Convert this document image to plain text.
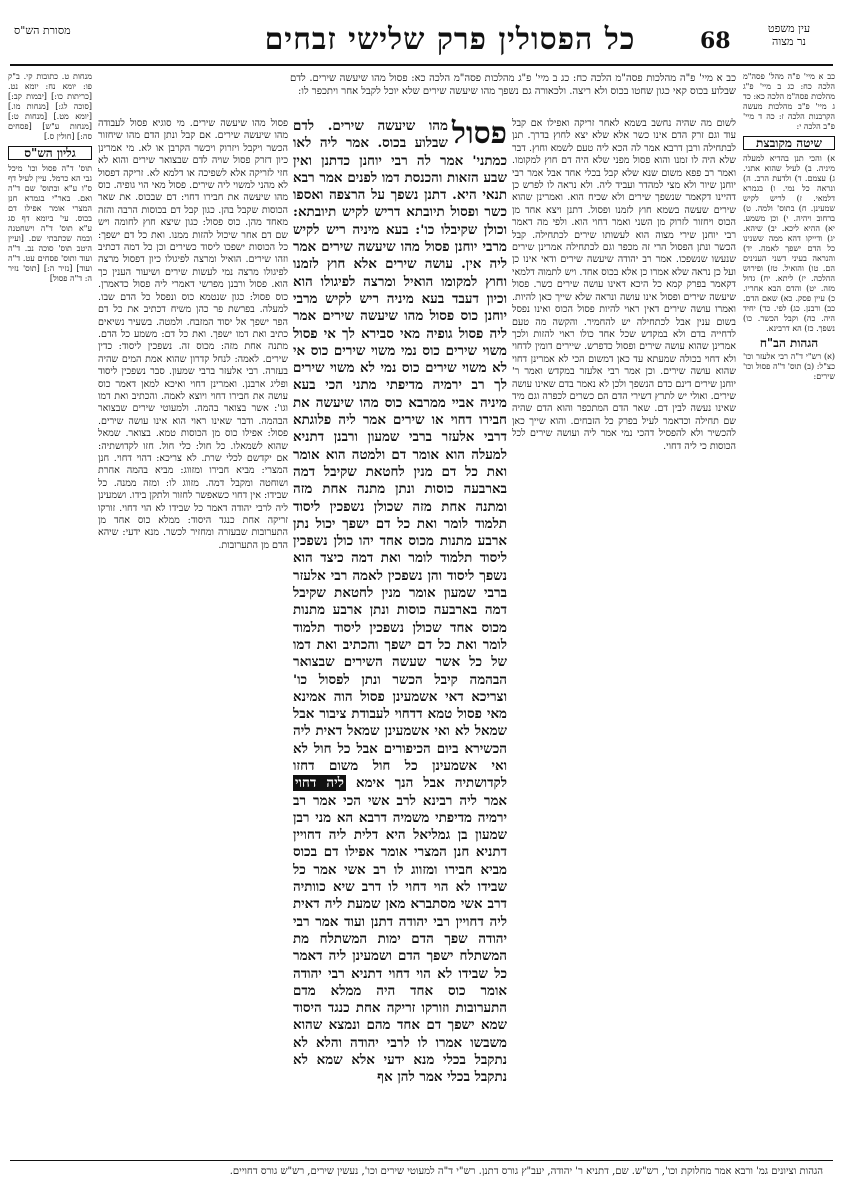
מסורת הש"ס	כל הפסולין פרק שלישי זבחים	68	עין משפט
נר מצוה
כב א מיי' פ"ה מהל' פסה"מ הלכה כח: כג ב מיי' פ"ג מהלכות פסה"מ הלכה כא: כד ג מיי' פ"ב מהלכות מעשה הקרבנות הלכה ז: כה ד מיי' פ"ב הלכה י:
שיטה מקובצת
א) והכי תנן בהדיא למעלה מיניה. ב) לעיל שהוא אתני. ג) עצמם. ד) ולדעת הרב. ה) ונראה כל נמי. ו) בגמרא דלמאי. ז) לריש לקיש שמעינן. ח) בתוס' ולמה. ט) ברחוב ויהיה. י) וכן משמע. יא) ההיא ליכא. יב) שיהא. יג) ודייקו דהא ממה ששנינו כל הדם ישפך לאמה. יד) והנראה בעיני דשני הענינים הם. טו) והואיל. טז) ופירוש ההלכה. יז) ליתא. יח) גדול מזה. יט) והדם הבא אחריו. כ) עיין פסק. כא) שאם הדם. כב) ורבנן. כג) לפי. כד) יחיד היה. כה) וקבל הכשר. כו) נשפך. כז) הא דרבינא.
הגהות הב"ח
(א) רש"י ד"ה רבי אלעזר וכו' כצ"ל: (ב) תוס' ד"ה פסול וכו' שירים:
כב א מיי' פ"ה מהלכות פסה"מ הלכה כח: כג ב מיי' פ"ג מהלכות פסה"מ הלכה כא: פסול מהו שיעשה שירים. לדם שבלוע בכוס קאי כגון שחטו בכוס ולא ריצה. ולכאורה גם נשפך מהו שיעשה שירים שלא יוכל לקבל אחר ויתכפר לו:
לשום מה שהיה נחשב בשמא לאחר זריקה ואפילו אם קבל עוד וגם זרק הדם אינו כשר אלא שלא יצא לחוץ בדרך. תנן לבתחילה ורבן דרבא אמר לה הכא ליה טעם לשמא וחוץ. דבר שלא היה לו זמנו והוא פסול מפני שלא היה דם חוץ למקומו. ואמר רב פפא משום שנא שלא קבל בכלי אחד אבל אמר רבי יוחנן שיור ולא מצי למהדר ועביד ליה. ולא נראה לו לפרש כן דהיינו דקאמר שנשפך שירים ולא שכיח הוא. ואמרינן שהוא שירים שעשה בשמא חוץ לזמנו ופסול. דתנן ויצא אחד מן הכוס ויחזור לזרוק מן השני ואמר דחוי הוא. ולפי מה דאמר רבי יוחנן שירי מצוה הוא לעשותו שירים לכתחילה. קבל הכשר ונתן הפסול הרי זה מכפר וגם לכתחילה אמרינן שירים שנעשו שנשפכו. אמר רב יהודה שיעשה שירים ודאי אינו כן ועל כן נראה שלא אמרו כן אלא בכוס אחד. ויש לתמוה דלמאי דקאמר בפרק קמא כל היכא דאינו עושה שירים כשר. פסול שיעשה שירים ופסול אינו עושה ונראה שלא שייך כאן להיות. ואמרו עושה שירים דאין ראוי להיות פסול הכוס ואינו נפסל בשום ענין אבל לכתחילה יש להחמיר. והקשה מה טעם לדחייה בדם ולא במקדש שכל אחד כולו ראוי להזות ולכך אמרינן שהוא עושה שירים ופסול כדפרש. שיירים דומין לדחוי ולא דחוי בכולה שמעתא עד כאן דמשום הכי לא אמרינן דחוי שהוא עושה שירים. וכן אמר רבי אלעזר במקדש ואמר ר' יוחנן שירים דינם כדם הנשפך ולכן לא נאמר בדם שאינו עושה שירים. ואולי יש לתרץ דשירי הדם הם כשרים לכפרה וגם מיד שאינו נעשה לבין דם. שאר הדם המתכפר והוא הדם שהיה שם תחילה וכדאמר לעיל בפרק כל הזבחים. והוא שייך כאן להכשיר ולא להפסיל דהכי נמי אמר ליה ועושה שירים לכל הכוסות כי ליה דחוי.
פסול
מהו שיעשה שירים. לדם שבלוע בכוס. אמר ליה לאו כמתני' אמר לה רבי יוחנן כדתנן ואין שבע הזאות והכנסת דמו לפנים אמר רבא תנאי היא. דתנן נשפך על הרצפה ואספו כשר ופסול תיובתא דריש לקיש תיובתא: וכולן שקיבלו כו': בעא מיניה ריש לקיש מרבי יוחנן פסול מהו שיעשה שירים אמר ליה אין. עושה שירים אלא חוץ לזמנו וחוץ למקומו הואיל ומרצה לפיגולו הוא וכיון דעבד בעא מיניה ריש לקיש מרבי יוחנן כוס פסול מהו שיעשה שירים אמר ליה פסול גופיה מאי סבירא לך אי פסול משוי שירים כוס נמי משוי שירים כוס אי לא משוי שירים כוס נמי לא משוי שירים לך רב ירמיה מדיפתי מתני הכי בעא מיניה אביי ממרבא כוס מהו שיעשה את חבירו דחוי או שירים אמר ליה פלוגתא דרבי אלעזר ברבי שמעון ורבנן דתניא למעלה הוא אומר דם ולמטה הוא אומר ואת כל דם מנין לחטאת שקיבל דמה בארבעה כוסות ונתן מתנה אחת מזה ומתנה אחת מזה שכולן נשפכין ליסוד תלמוד לומר ואת כל דם ישפך יכול נתן ארבע מתנות מכוס אחד יהו כולן נשפכין ליסוד תלמוד לומר ואת דמה כיצד הוא נשפך ליסוד והן נשפכין לאמה רבי אלעזר ברבי שמעון אומר מנין לחטאת שקיבל דמה בארבעה כוסות ונתן ארבע מתנות מכוס אחד שכולן נשפכין ליסוד תלמוד לומר ואת כל דם ישפך והכתיב ואת דמו של כל אשר שעשה השירים שבצואר הבהמה קיבל הכשר ונתן לפסול כו' וצריכא דאי אשמעינן פסול הוה אמינא מאי פסול טמא דדחוי לעבודת ציבור אבל שמאל לא ואי אשמעינן שמאל דאית ליה הכשירא ביום הכיפורים אבל כל חול לא ואי אשמעינן כל חול משום דחזו לקדושתיה אבל הנך אימא ליה דחוי אמר ליה רבינא לרב אשי הכי אמר רב ירמיה מדיפתי משמיה דרבא הא מני רבן שמעון בן גמליאל היא דלית ליה דחויין דתניא חנן המצרי אומר אפילו דם בכוס מביא חבירו ומזווג לו רב אשי אמר כל שבידו לא הוי דחוי לו דרב שיא כוותיה דרב אשי מסתברא מאן שמעת ליה דאית ליה דחויין רבי יהודה דתנן ועוד אמר רבי יהודה שפך הדם ימות המשתלח מת המשתלח ישפך הדם ושמעינן ליה דאמר כל שבידו לא הוי דחוי דתניא רבי יהודה אומר כוס אחד היה ממלא מדם התערובות וזורקו זריקה אחת כנגד היסוד שמא ישפך דם אחד מהם ונמצא שהוא משבשו אמרו לו לרבי יהודה והלא לא נתקבל בכלי מנא ידעי אלא שמא לא נתקבל בכלי אמר להן אף
פסול מהו שיעשה שירים. מי סוגיא פסול לעבודה מהו שיעשה שירים. אם קבל ונתן הדם מהו שיחזור הכשר ויקבל ויזרוק ויכשר הקרבן או לא. מי אמרינן כיון דזרק פסול שויה לדם שבצואר שירים והוא לא חזי לזריקה אלא לשפיכה או דלמא לא. זריקה דפסול לא מהני למשוי ליה שירים. פסול מאי הוי גופיה. כוס מהו שיעשה את חבירו דחוי: דם שבכוס. את שאר הכוסות שקבל בהן. כגון קבל דם בכוסות הרבה והזה מאחד מהן. כוס פסול: כגון שיצא חוץ לחומה ויש שם דם אחר שיכול להזות ממנו. ואת כל דם ישפך: כל הכוסות ישפכו ליסוד כשירים וכן כל דמה דכתיב וזהו שירים. הואיל ומרצה לפיגולו כיון דפסול מרצה לפיגולו מרצה נמי לעשות שירים ושיעור הענין כך הוא. פסול ורבנן מפרשי דאמרי ליה פסול כדאמרן. כוס פסול: כגון שנטמא כוס ונפסל כל הדם שבו. למעלה. בפרשת פר כהן משיח דכתיב את כל דם הפר ישפך אל יסוד המזבח. ולמטה. בשעיר נשיאים כתיב ואת דמו ישפך. ואת כל דם: משמע כל הדם. מתנה אחת מזה: מכוס זה. נשפכין ליסוד: כדין שירים. לאמה: לנחל קדרון שהוא אמת המים שהיה בעזרה. רבי אלעזר ברבי שמעון. סבר נשפכין ליסוד ופליג ארבנן. ואמרינן דחוי ואיכא למאן דאמר כוס עושה את חבירו דחוי ויוצא לאמה. והכתיב ואת דמו וגו': אשר בצואר בהמה. ולמעוטי שירים שבצואר הבהמה. ודבר שאינו ראוי הוא אינו עושה שירים. פסול: אפילו כוס מן הכוסות טמא. בצואר. שמאל שהוא לשמאלו. כל חול: כלי חול. חזו לקדושתיה: אם יקדשם לכלי שרת. לא צריכא: דהוי דחוי. חנן המצרי: מביא חבירו ומזווג: מביא בהמה אחרת ושוחטה ומקבל דמה. מזווג לו: ומזה ממנה. כל שבידו: אין דחוי כשאפשר לחזור ולתקן בידו. ושמעינן ליה לרבי יהודה דאמר כל שבידו לא הוי דחוי. זורקו זריקה אחת כנגד היסוד: ממלא כוס אחד מן התערובות שבעזרה ומחזיר לכשר. מנא ידעי: שיהא הדם מן התערובות.
מנחות ט. כתובות קי. ב"ק פו: יומא נח: יומא נט. [כריתות כו:] [יבמות קב:] [סוכה לג:] [מנחות מו.] [יומא מט.] [מנחות ט:] [מנחות ע"ש] [פסחים סה:] [חולין ס.]
גליון הש"ס
תוס' ד"ה פסול וכו' מיכל גבי הא כרמל. עיין לעיל דף ס"ו ע"א ובתוס' שם ד"ה ואם. באר"י בגמרא חנן המצרי אומר אפילו דם בכוס. עי' ביומא דף סג ע"א תוס' ד"ה וישחטנה ובמה שכתבתי שם. [ועיין היטב תוס' סוכה נב. ד"ה ועוד ותוס' פסחים עט. ד"ה ועוד] [נזיר ה:] [תוס' נזיר ה: ד"ה פסול]
הגהות וציונים גמ' ורבא אמר מחלוקת וכו', רש"ש. שם, דתניא ר' יהודה, יעב"ץ גורס דתנן. רש"י ד"ה למעוטי שירים וכו', נעשין שירים, רש"ש גורס דחויים.
